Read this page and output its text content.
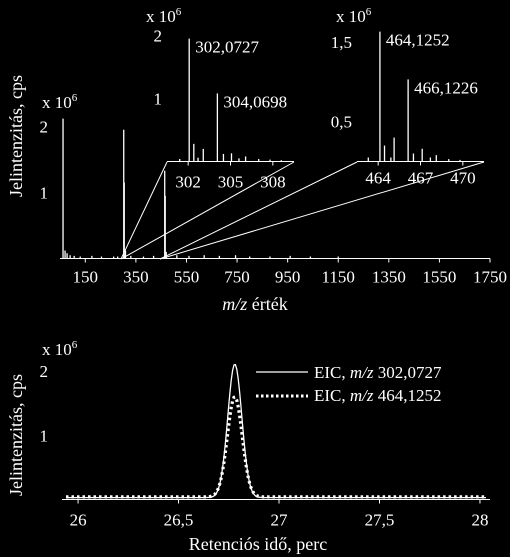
x $10^6$
150 350 550 750 950 1150 1350 1550 1750
1
2
m/z érték
Jelintenzitás, cps
x $10^6$
302 305 308
1
2
302,0727
304,0698
x $10^6$
464 467 470
0,5
1,5 464,1252
466,1226
x $10^6$
26	26,5	27	27,5	28
1
2
Jelintenzitás, cps
Retenciós idő, perc
EIC, m/z 302,0727
EIC, m/z 464,1252
